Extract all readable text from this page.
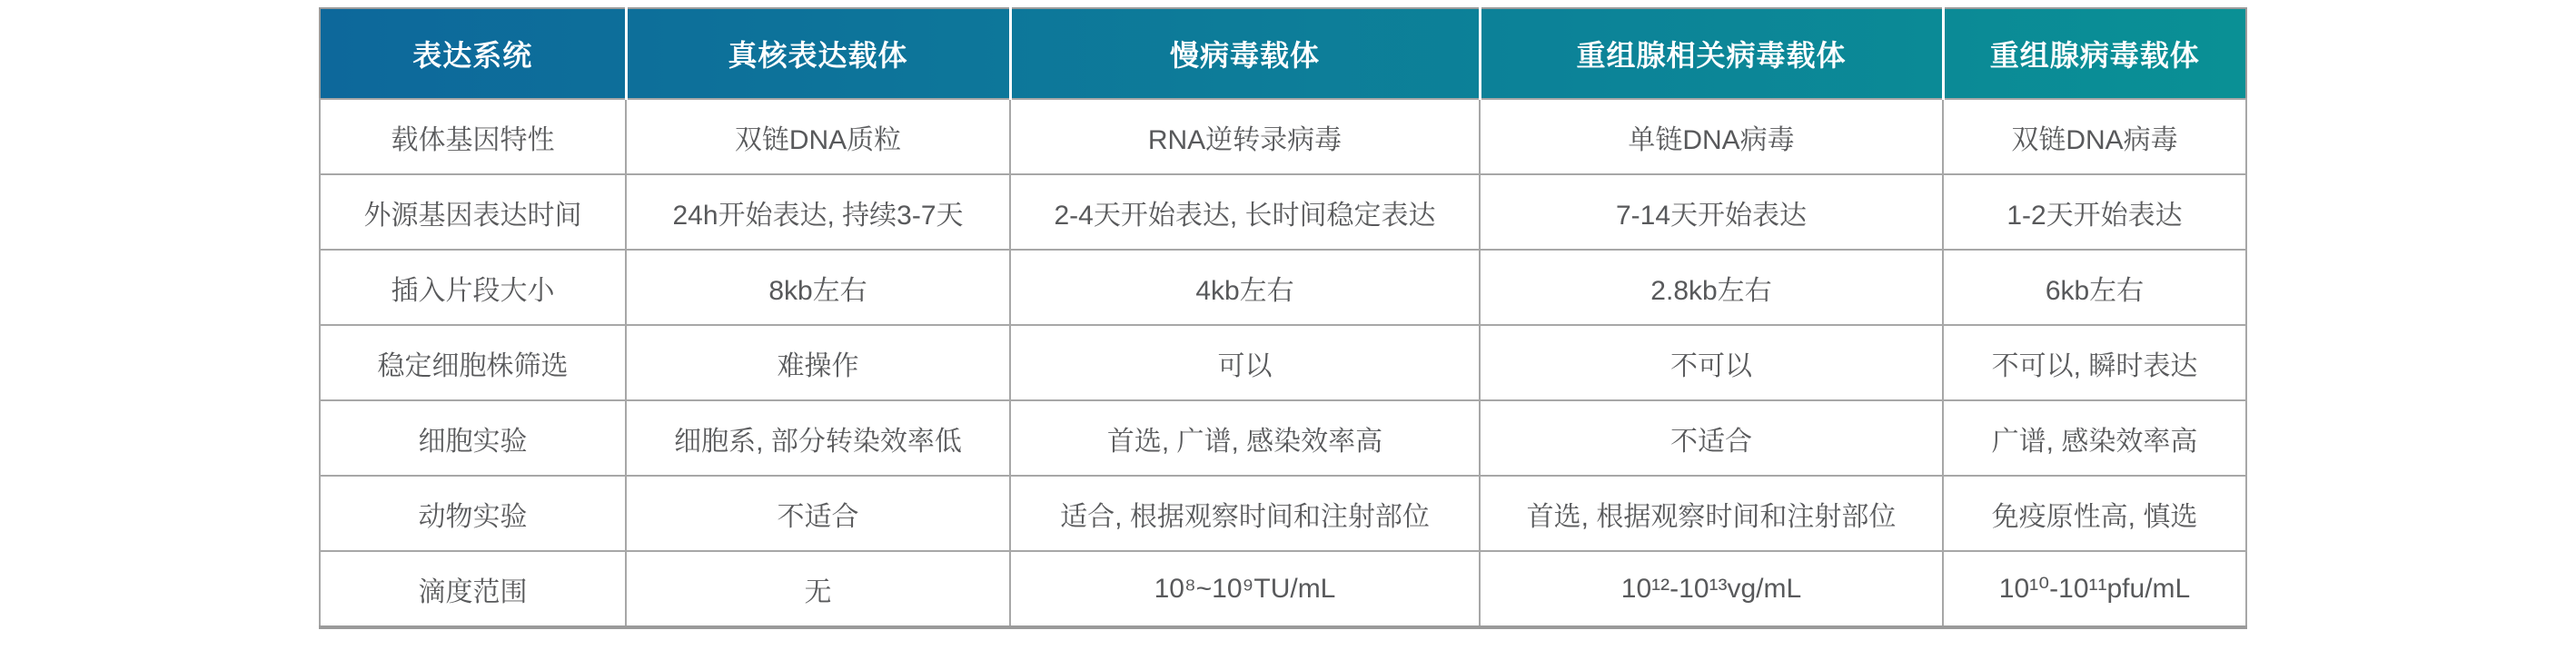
表达系统	真核表达载体	慢病毒载体	重组腺相关病毒载体	重组腺病毒载体
载体基因特性	双链DNA质粒	RNA逆转录病毒	单链DNA病毒	双链DNA病毒
外源基因表达时间	24h开始表达, 持续3-7天	2-4天开始表达, 长时间稳定表达	7-14天开始表达	1-2天开始表达
插入片段大小	8kb左右	4kb左右	2.8kb左右	6kb左右
稳定细胞株筛选	难操作	可以	不可以	不可以, 瞬时表达
细胞实验	细胞系, 部分转染效率低	首选, 广谱, 感染效率高	不适合	广谱, 感染效率高
动物实验	不适合	适合, 根据观察时间和注射部位	首选, 根据观察时间和注射部位	免疫原性高, 慎选
滴度范围	无	10⁸~10⁹TU/mL	10¹²-10¹³vg/mL	10¹⁰-10¹¹pfu/mL
